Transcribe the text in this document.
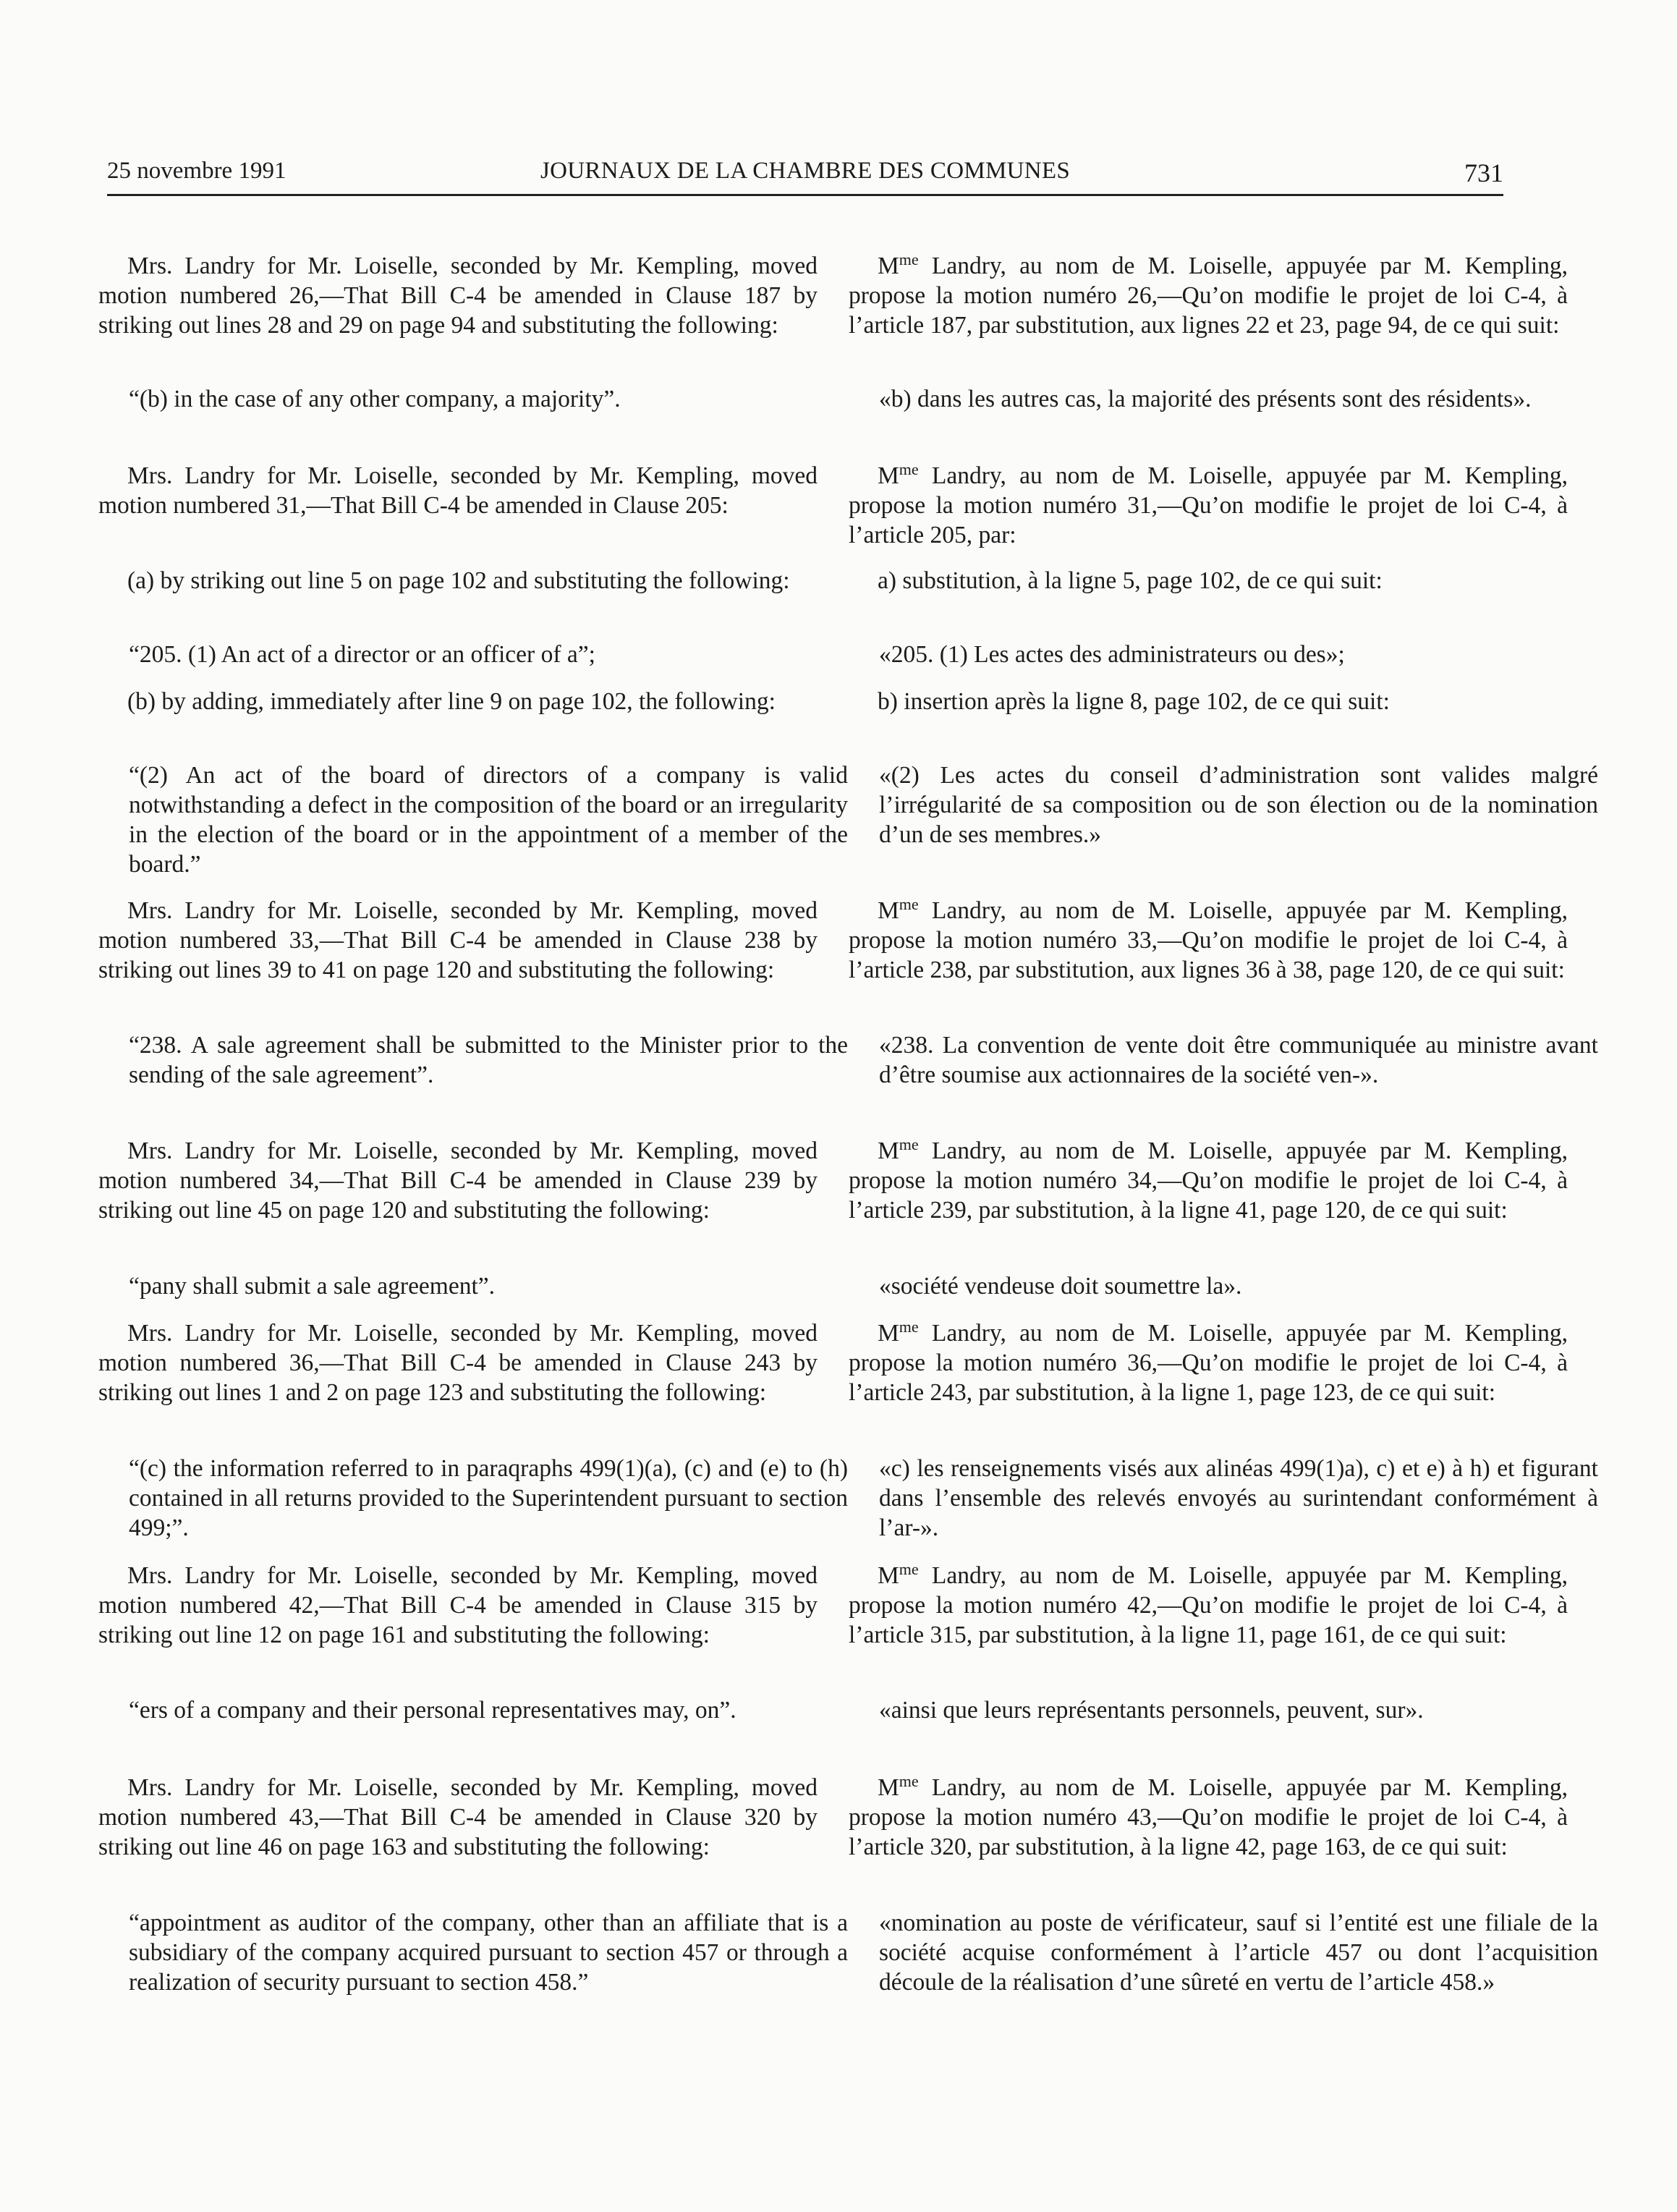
25 novembre 1991	JOURNAUX DE LA CHAMBRE DES COMMUNES	731

Mrs. Landry for Mr. Loiselle, seconded by Mr. Kempling, moved motion numbered 26,—That Bill C-4 be amended in Clause 187 by striking out lines 28 and 29 on page 94 and substituting the following:

“(b) in the case of any other company, a majority”.

Mrs. Landry for Mr. Loiselle, seconded by Mr. Kempling, moved motion numbered 31,—That Bill C-4 be amended in Clause 205:

(a) by striking out line 5 on page 102 and substituting the following:

“205. (1) An act of a director or an officer of a”;

(b) by adding, immediately after line 9 on page 102, the following:

“(2) An act of the board of directors of a company is valid notwithstanding a defect in the composition of the board or an irregularity in the election of the board or in the appointment of a member of the board.”

Mrs. Landry for Mr. Loiselle, seconded by Mr. Kempling, moved motion numbered 33,—That Bill C-4 be amended in Clause 238 by striking out lines 39 to 41 on page 120 and substituting the following:

“238. A sale agreement shall be submitted to the Minister prior to the sending of the sale agreement”.

Mrs. Landry for Mr. Loiselle, seconded by Mr. Kempling, moved motion numbered 34,—That Bill C-4 be amended in Clause 239 by striking out line 45 on page 120 and substituting the following:

“pany shall submit a sale agreement”.

Mrs. Landry for Mr. Loiselle, seconded by Mr. Kempling, moved motion numbered 36,—That Bill C-4 be amended in Clause 243 by striking out lines 1 and 2 on page 123 and substituting the following:

“(c) the information referred to in paraqraphs 499(1)(a), (c) and (e) to (h) contained in all returns provided to the Superintendent pursuant to section 499;”.

Mrs. Landry for Mr. Loiselle, seconded by Mr. Kempling, moved motion numbered 42,—That Bill C-4 be amended in Clause 315 by striking out line 12 on page 161 and substituting the following:

“ers of a company and their personal representatives may, on”.

Mrs. Landry for Mr. Loiselle, seconded by Mr. Kempling, moved motion numbered 43,—That Bill C-4 be amended in Clause 320 by striking out line 46 on page 163 and substituting the following:

“appointment as auditor of the company, other than an affiliate that is a subsidiary of the company acquired pursuant to section 457 or through a realization of security pursuant to section 458.”

$M^{me}$ Landry, au nom de M. Loiselle, appuyée par M. Kempling, propose la motion numéro 26,—Qu’on modifie le projet de loi C-4, à l’article 187, par substitution, aux lignes 22 et 23, page 94, de ce qui suit:

«b) dans les autres cas, la majorité des présents sont des résidents».

$M^{me}$ Landry, au nom de M. Loiselle, appuyée par M. Kempling, propose la motion numéro 31,—Qu’on modifie le projet de loi C-4, à l’article 205, par:

a) substitution, à la ligne 5, page 102, de ce qui suit:

«205. (1) Les actes des administrateurs ou des»;

b) insertion après la ligne 8, page 102, de ce qui suit:

«(2) Les actes du conseil d’administration sont valides malgré l’irrégularité de sa composition ou de son élection ou de la nomination d’un de ses membres.»

$M^{me}$ Landry, au nom de M. Loiselle, appuyée par M. Kempling, propose la motion numéro 33,—Qu’on modifie le projet de loi C-4, à l’article 238, par substitution, aux lignes 36 à 38, page 120, de ce qui suit:

«238. La convention de vente doit être communiquée au ministre avant d’être soumise aux actionnaires de la société ven-».

$M^{me}$ Landry, au nom de M. Loiselle, appuyée par M. Kempling, propose la motion numéro 34,—Qu’on modifie le projet de loi C-4, à l’article 239, par substitution, à la ligne 41, page 120, de ce qui suit:

«société vendeuse doit soumettre la».

$M^{me}$ Landry, au nom de M. Loiselle, appuyée par M. Kempling, propose la motion numéro 36,—Qu’on modifie le projet de loi C-4, à l’article 243, par substitution, à la ligne 1, page 123, de ce qui suit:

«c) les renseignements visés aux alinéas 499(1)a), c) et e) à h) et figurant dans l’ensemble des relevés envoyés au surintendant conformément à l’ar-».

$M^{me}$ Landry, au nom de M. Loiselle, appuyée par M. Kempling, propose la motion numéro 42,—Qu’on modifie le projet de loi C-4, à l’article 315, par substitution, à la ligne 11, page 161, de ce qui suit:

«ainsi que leurs représentants personnels, peuvent, sur».

$M^{me}$ Landry, au nom de M. Loiselle, appuyée par M. Kempling, propose la motion numéro 43,—Qu’on modifie le projet de loi C-4, à l’article 320, par substitution, à la ligne 42, page 163, de ce qui suit:

«nomination au poste de vérificateur, sauf si l’entité est une filiale de la société acquise conformément à l’article 457 ou dont l’acquisition découle de la réalisation d’une sûreté en vertu de l’article 458.»
